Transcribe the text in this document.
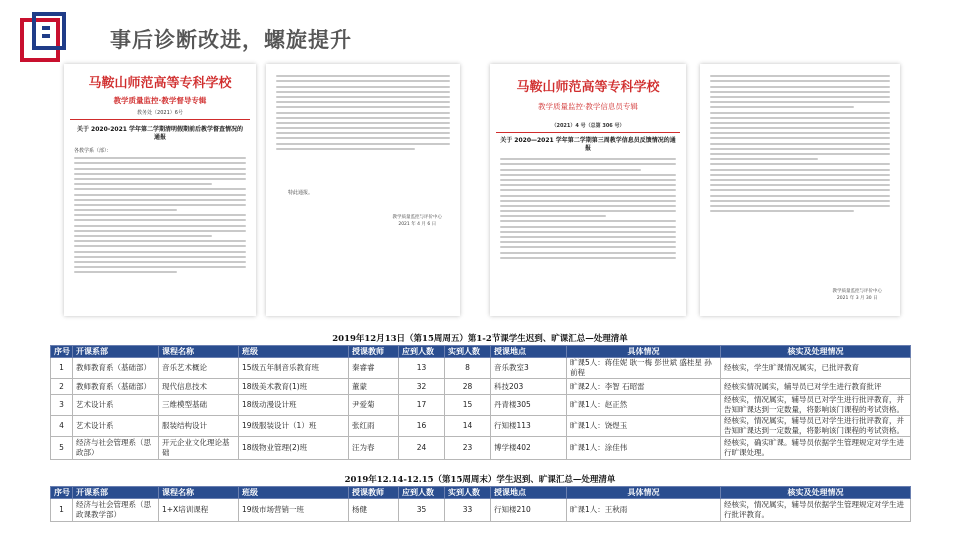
事后诊断改进，螺旋提升
马鞍山师范高等专科学校
教学质量监控·教学督导专辑
教务处（2021）6号
关于 2020-2021 学年第二学期清明假期前后教学督查情况的通报
各教学系（部）：
特此通报。
教学质量监控与评价中心
2021 年 4 月 6 日
马鞍山师范高等专科学校
教学质量监控·教学信息员专辑
（2021）4 号（总第 306 号）
关于 2020—2021 学年第二学期第三周教学信息员反馈情况的通报
教学质量监控与评价中心
2021 年 3 月 30 日
2019年12月13日（第15周周五）第1-2节课学生迟到、旷课汇总—处理清单
序号	开课系部	课程名称	班级	授课教师	应到人数	实到人数	授课地点	具体情况	核实及处理情况
1	教师教育系（基础部）	音乐艺术概论	15级五年制音乐教育班	秦睿睿	13	8	音乐教室3	旷课5人：蒋佳妮 耿一梅 彭世斌 盛桂星 孙前程	经核实，学生旷课情况属实，已批评教育
2	教师教育系（基础部）	现代信息技术	18级美术教育(1)班	董蒙	32	28	科技203	旷课2人：李智 石昭雷	经核实情况属实，辅导员已对学生进行教育批评
3	艺术设计系	三维模型基础	18级动漫设计班	尹爱菊	17	15	丹青楼305	旷课1人：赵正然	经核实，情况属实，辅导员已对学生进行批评教育，并告知旷课达到一定数量，将影响该门课程的考试资格。
4	艺术设计系	服装结构设计	19级服装设计（1）班	张红雨	16	14	行知楼113	旷课1人：饶煜玉	经核实，情况属实，辅导员已对学生进行批评教育，并告知旷课达到一定数量，将影响该门课程的考试资格。
5	经济与社会管理系（思政部）	开元企业文化理论基础	18级物业管理(2)班	汪为春	24	23	博学楼402	旷课1人：涂佳伟	经核实，确实旷课。辅导员依据学生管理规定对学生进行旷课处理。
2019年12.14-12.15（第15周周末）学生迟到、旷课汇总—处理清单
序号	开课系部	课程名称	班级	授课教师	应到人数	实到人数	授课地点	具体情况	核实及处理情况
1	经济与社会管理系（思政课教学部）	1+X培训课程	19级市场营销一班	杨健	35	33	行知楼210	旷课1人：王秋雨	经核实，情况属实，辅导员依据学生管理规定对学生进行批评教育。
